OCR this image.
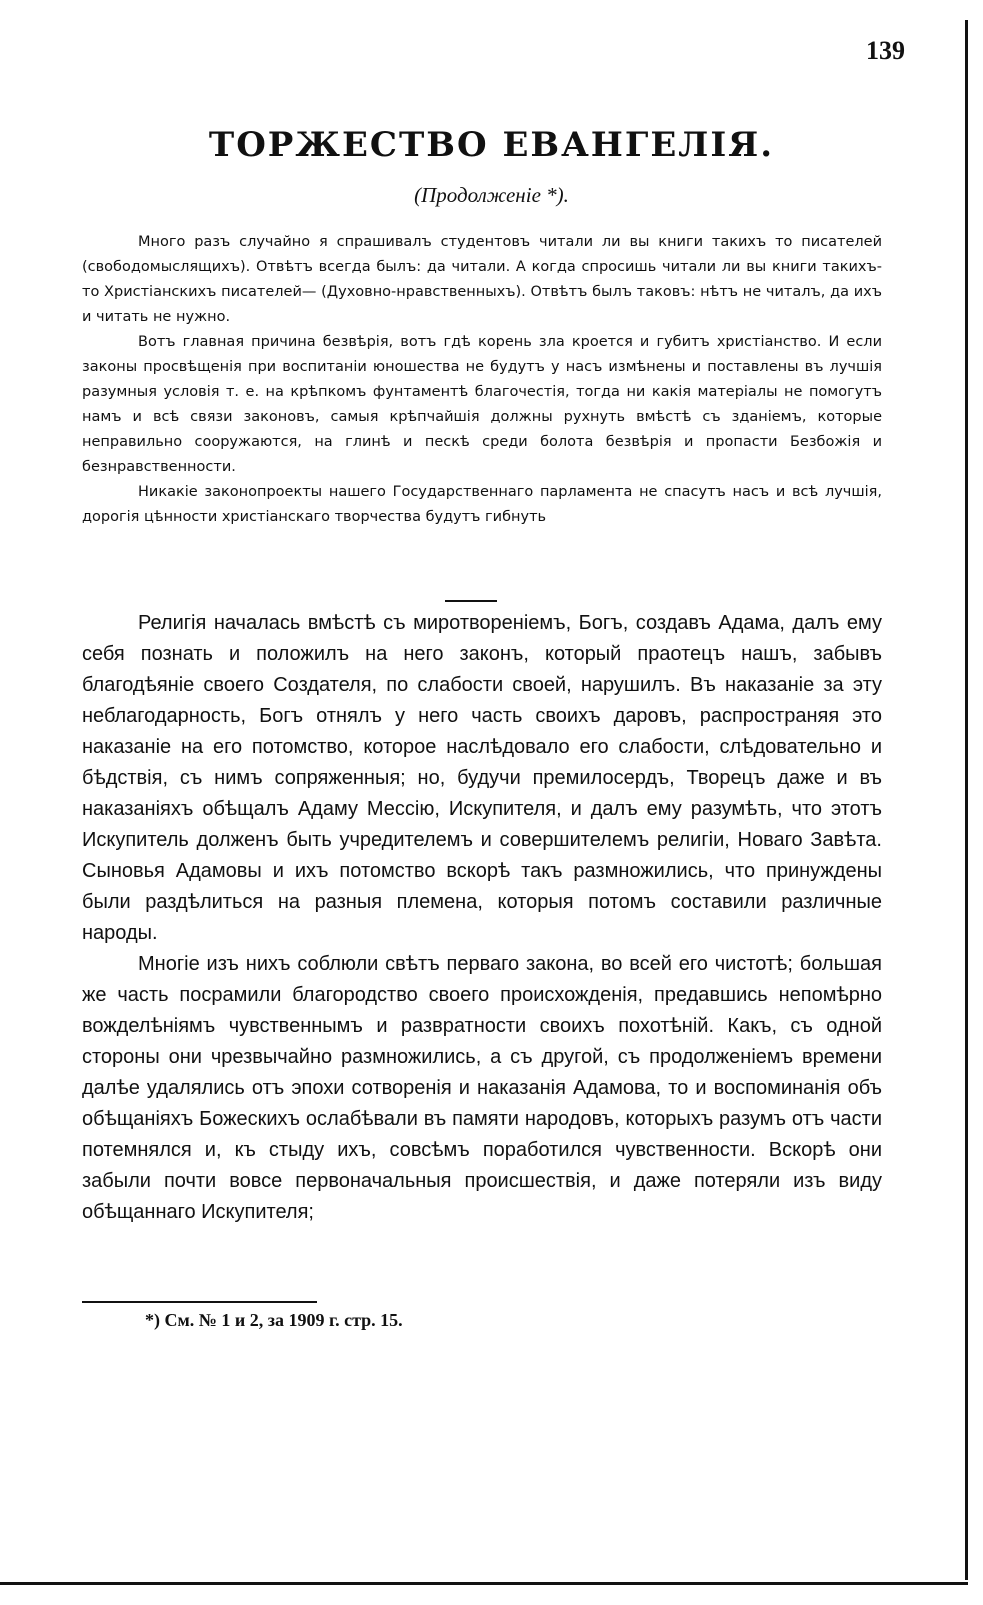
139
ТОРЖЕСТВО ЕВАНГЕЛІЯ.
(Продолженіе *).

Много разъ случайно я спрашивалъ студентовъ читали ли вы книги такихъ то писателей (свободомыслящихъ). Отвѣтъ всегда былъ: да читали. А когда спросишь читали ли вы книги такихъ-то Христіанскихъ писателей— (Духовно-нравственныхъ). Отвѣтъ былъ таковъ: нѣтъ не читалъ, да ихъ и читать не нужно.

Вотъ главная причина безвѣрія, вотъ гдѣ корень зла кроется и губитъ христіанство. И если законы просвѣщенія при воспитаніи юношества не будутъ у насъ измѣнены и поставлены въ лучшія разумныя условія т. е. на крѣпкомъ фунтаментѣ благочестія, тогда ни какія матеріалы не помогутъ намъ и всѣ связи законовъ, самыя крѣпчайшія должны рухнуть вмѣстѣ съ зданіемъ, которые неправильно сооружаются, на глинѣ и пескѣ среди болота безвѣрія и пропасти Безбожія и безнравственности.

Никакіе законопроекты нашего Государственнаго парламента не спасутъ насъ и всѣ лучшія, дорогія цѣнности христіанскаго творчества будутъ гибнуть

Религія началась вмѣстѣ съ миротвореніемъ, Богъ, создавъ Адама, далъ ему себя познать и положилъ на него законъ, который праотецъ нашъ, забывъ благодѣяніе своего Создателя, по слабости своей, нарушилъ. Въ наказаніе за эту неблагодарность, Богъ отнялъ у него часть своихъ даровъ, распространяя это наказаніе на его потомство, которое наслѣдовало его слабости, слѣдовательно и бѣдствія, съ нимъ сопряженныя; но, будучи премилосердъ, Творецъ даже и въ наказаніяхъ обѣщалъ Адаму Мессію, Искупителя, и далъ ему разумѣть, что этотъ Искупитель долженъ быть учредителемъ и совершителемъ религіи, Новаго Завѣта. Сыновья Адамовы и ихъ потомство вскорѣ такъ размножились, что принуждены были раздѣлиться на разныя племена, которыя потомъ составили различные народы.

Многіе изъ нихъ соблюли свѣтъ перваго закона, во всей его чистотѣ; большая же часть посрамили благородство своего происхожденія, предавшись непомѣрно вожделѣніямъ чувственнымъ и развратности своихъ похотѣній. Какъ, съ одной стороны они чрезвычайно размножились, а съ другой, съ продолженіемъ времени далѣе удалялись отъ эпохи сотворенія и наказанія Адамова, то и воспоминанія объ обѣщаніяхъ Божескихъ ослабѣвали въ памяти народовъ, которыхъ разумъ отъ части потемнялся и, къ стыду ихъ, совсѣмъ поработился чувственности. Вскорѣ они забыли почти вовсе первоначальныя происшествія, и даже потеряли изъ виду обѣщаннаго Искупителя;

*) См. № 1 и 2, за 1909 г. стр. 15.
